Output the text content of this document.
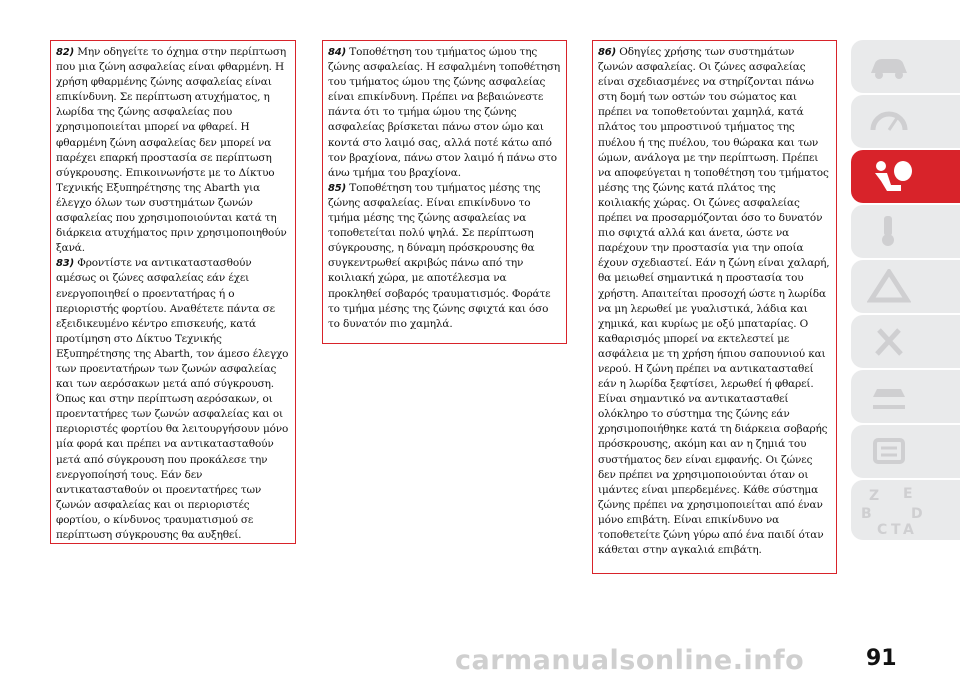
82) Μην οδηγείτε το όχημα στην περίπτωση που μια ζώνη ασφαλείας είναι φθαρμένη. Η χρήση φθαρμένης ζώνης ασφαλείας είναι επικίνδυνη. Σε περίπτωση ατυχήματος, η λωρίδα της ζώνης ασφαλείας που χρησιμοποιείται μπορεί να φθαρεί. Η φθαρμένη ζώνη ασφαλείας δεν μπορεί να παρέχει επαρκή προστασία σε περίπτωση σύγκρουσης. Επικοινωνήστε με το Δίκτυο Τεχνικής Εξυπηρέτησης της Abarth για έλεγχο όλων των συστημάτων ζωνών ασφαλείας που χρησιμοποιούνται κατά τη διάρκεια ατυχήματος πριν χρησιμοποιηθούν ξανά.
83) Φροντίστε να αντικαταστασθούν αμέσως οι ζώνες ασφαλείας εάν έχει ενεργοποιηθεί ο προεντατήρας ή ο περιοριστής φορτίου. Αναθέτετε πάντα σε εξειδικευμένο κέντρο επισκευής, κατά προτίμηση στο Δίκτυο Τεχνικής Εξυπηρέτησης της Abarth, τον άμεσο έλεγχο των προεντατήρων των ζωνών ασφαλείας και των αερόσακων μετά από σύγκρουση. Όπως και στην περίπτωση αερόσακων, οι προεντατήρες των ζωνών ασφαλείας και οι περιοριστές φορτίου θα λειτουργήσουν μόνο μία φορά και πρέπει να αντικατασταθούν μετά από σύγκρουση που προκάλεσε την ενεργοποίησή τους. Εάν δεν αντικατασταθούν οι προεντατήρες των ζωνών ασφαλείας και οι περιοριστές φορτίου, ο κίνδυνος τραυματισμού σε περίπτωση σύγκρουσης θα αυξηθεί.
84) Τοποθέτηση του τμήματος ώμου της ζώνης ασφαλείας. Η εσφαλμένη τοποθέτηση του τμήματος ώμου της ζώνης ασφαλείας είναι επικίνδυνη. Πρέπει να βεβαιώνεστε πάντα ότι το τμήμα ώμου της ζώνης ασφαλείας βρίσκεται πάνω στον ώμο και κοντά στο λαιμό σας, αλλά ποτέ κάτω από τον βραχίονα, πάνω στον λαιμό ή πάνω στο άνω τμήμα του βραχίονα.
85) Τοποθέτηση του τμήματος μέσης της ζώνης ασφαλείας. Είναι επικίνδυνο το τμήμα μέσης της ζώνης ασφαλείας να τοποθετείται πολύ ψηλά. Σε περίπτωση σύγκρουσης, η δύναμη πρόσκρουσης θα συγκεντρωθεί ακριβώς πάνω από την κοιλιακή χώρα, με αποτέλεσμα να προκληθεί σοβαρός τραυματισμός. Φοράτε το τμήμα μέσης της ζώνης σφιχτά και όσο το δυνατόν πιο χαμηλά.
86) Οδηγίες χρήσης των συστημάτων ζωνών ασφαλείας. Οι ζώνες ασφαλείας είναι σχεδιασμένες να στηρίζονται πάνω στη δομή των οστών του σώματος και πρέπει να τοποθετούνται χαμηλά, κατά πλάτος του μπροστινού τμήματος της πυέλου ή της πυέλου, του θώρακα και των ώμων, ανάλογα με την περίπτωση. Πρέπει να αποφεύγεται η τοποθέτηση του τμήματος μέσης της ζώνης κατά πλάτος της κοιλιακής χώρας. Οι ζώνες ασφαλείας πρέπει να προσαρμόζονται όσο το δυνατόν πιο σφιχτά αλλά και άνετα, ώστε να παρέχουν την προστασία για την οποία έχουν σχεδιαστεί. Εάν η ζώνη είναι χαλαρή, θα μειωθεί σημαντικά η προστασία του χρήστη. Απαιτείται προσοχή ώστε η λωρίδα να μη λερωθεί με γυαλιστικά, λάδια και χημικά, και κυρίως με οξύ μπαταρίας. Ο καθαρισμός μπορεί να εκτελεστεί με ασφάλεια με τη χρήση ήπιου σαπουνιού και νερού. Η ζώνη πρέπει να αντικατασταθεί εάν η λωρίδα ξεφτίσει, λερωθεί ή φθαρεί. Είναι σημαντικό να αντικατασταθεί ολόκληρο το σύστημα της ζώνης εάν χρησιμοποιήθηκε κατά τη διάρκεια σοβαρής πρόσκρουσης, ακόμη και αν η ζημιά του συστήματος δεν είναι εμφανής. Οι ζώνες δεν πρέπει να χρησιμοποιούνται όταν οι ιμάντες είναι μπερδεμένες. Κάθε σύστημα ζώνης πρέπει να χρησιμοποιείται από έναν μόνο επιβάτη. Είναι επικίνδυνο να τοποθετείτε ζώνη γύρω από ένα παιδί όταν κάθεται στην αγκαλιά επιβάτη.
Z E
B	D
C T A
91
carmanualsonline.info
